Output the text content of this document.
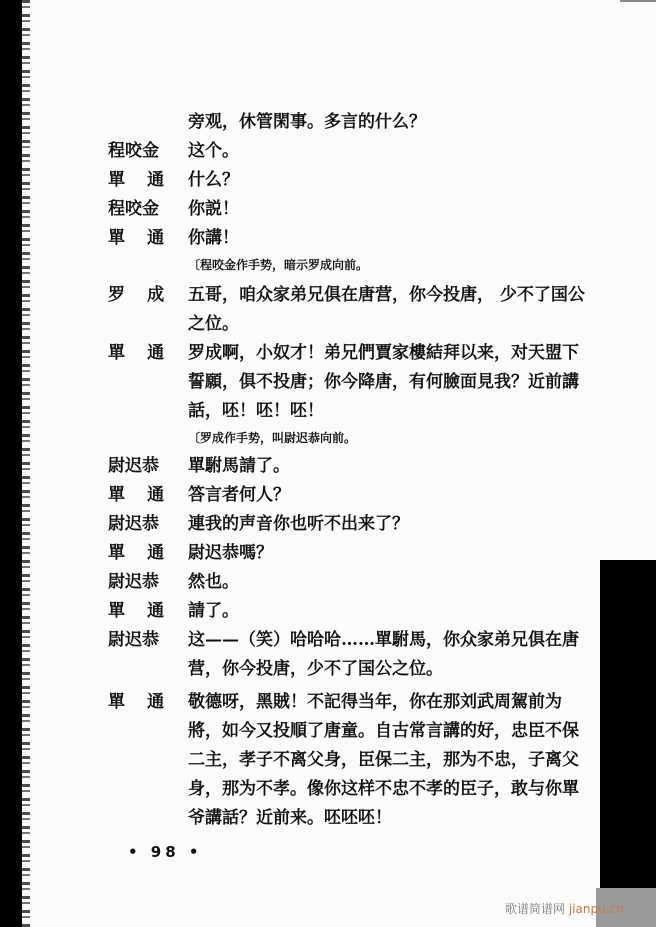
旁观，休管閑事。多言的什么？
程咬金	这个。
單通 什么？
程咬金	你説！
單通 你講！
〔程咬金作手势，暗示罗成向前。
罗成 五哥，咱众家弟兄俱在唐营，你今投唐， 少不了国公之位。
單通 罗成啊，小奴才！弟兄們賈家樓結拜以来，对天盟下誓願，俱不投唐；你今降唐，有何臉面見我？近前講話，呸！呸！呸！
〔罗成作手势，叫尉迟恭向前。
尉迟恭	單駙馬請了。
單通 答言者何人？
尉迟恭	連我的声音你也听不出来了？
單通 尉迟恭嗎？
尉迟恭	然也。
單通 請了。
尉迟恭	这——（笑）哈哈哈……單駙馬，你众家弟兄俱在唐营，你今投唐，少不了国公之位。
單通 敬德呀，黑賊！不記得当年，你在那刘武周駕前为將，如今又投順了唐童。自古常言講的好，忠臣不保二主，孝子不离父身，臣保二主，那为不忠，子离父身，那为不孝。像你这样不忠不孝的臣子，敢与你單爷講話？近前来。呸呸呸！
• 98 •
歌谱简谱网 jianpu.cn
